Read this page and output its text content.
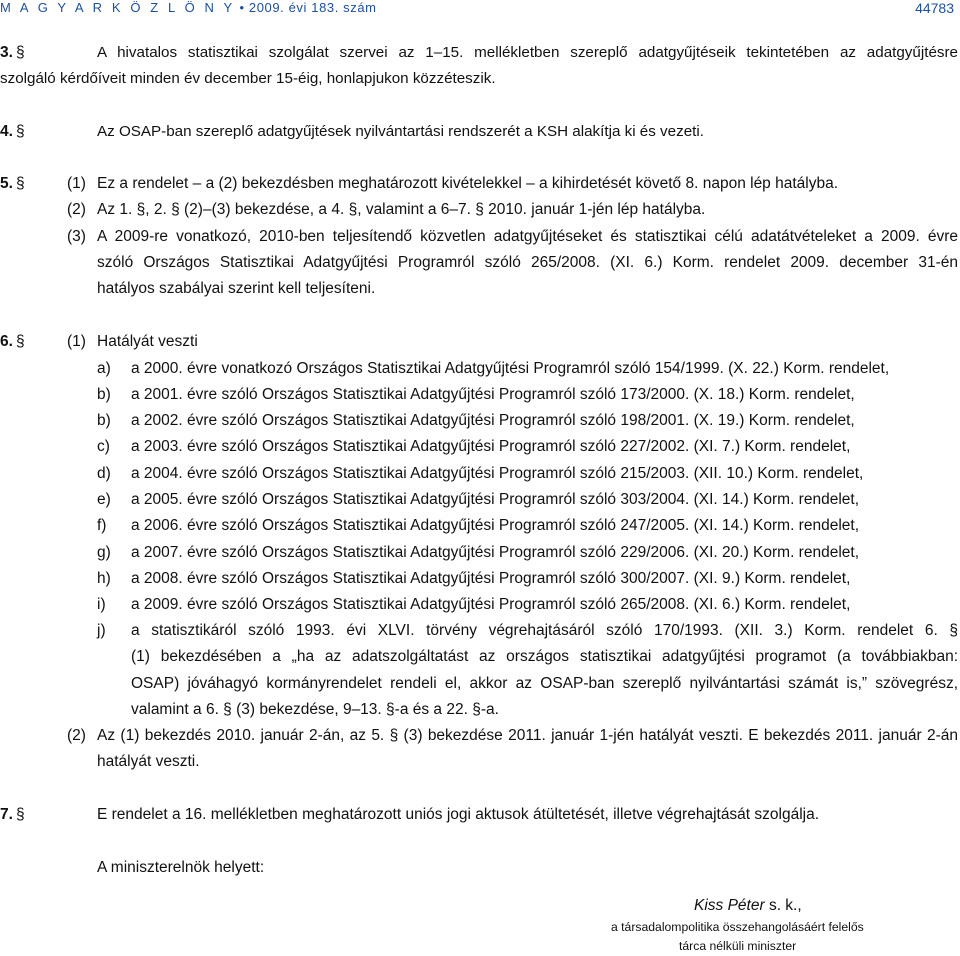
M A G Y A R K Ö Z L Ö N Y • 2009. évi 183. szám	44783
3. §	A hivatalos statisztikai szolgálat szervei az 1–15. mellékletben szereplő adatgyűjtéseik tekintetében az adatgyűjtésre
szolgáló kérdőíveit minden év december 15-éig, honlapjukon közzéteszik.
4. §	Az OSAP-ban szereplő adatgyűjtések nyilvántartási rendszerét a KSH alakítja ki és vezeti.
5. §	(1) Ez a rendelet – a (2) bekezdésben meghatározott kivételekkel – a kihirdetését követő 8. napon lép hatályba.
(2) Az 1. §, 2. § (2)–(3) bekezdése, a 4. §, valamint a 6–7. § 2010. január 1-jén lép hatályba.
(3) A 2009-re vonatkozó, 2010-ben teljesítendő közvetlen adatgyűjtéseket és statisztikai célú adatátvételeket a 2009. évre
szóló Országos Statisztikai Adatgyűjtési Programról szóló 265/2008. (XI. 6.) Korm. rendelet 2009. december 31-én
hatályos szabályai szerint kell teljesíteni.
6. §	(1) Hatályát veszti
a) a 2000. évre vonatkozó Országos Statisztikai Adatgyűjtési Programról szóló 154/1999. (X. 22.) Korm. rendelet,
b) a 2001. évre szóló Országos Statisztikai Adatgyűjtési Programról szóló 173/2000. (X. 18.) Korm. rendelet,
b) a 2002. évre szóló Országos Statisztikai Adatgyűjtési Programról szóló 198/2001. (X. 19.) Korm. rendelet,
c) a 2003. évre szóló Országos Statisztikai Adatgyűjtési Programról szóló 227/2002. (XI. 7.) Korm. rendelet,
d) a 2004. évre szóló Országos Statisztikai Adatgyűjtési Programról szóló 215/2003. (XII. 10.) Korm. rendelet,
e) a 2005. évre szóló Országos Statisztikai Adatgyűjtési Programról szóló 303/2004. (XI. 14.) Korm. rendelet,
f) a 2006. évre szóló Országos Statisztikai Adatgyűjtési Programról szóló 247/2005. (XI. 14.) Korm. rendelet,
g) a 2007. évre szóló Országos Statisztikai Adatgyűjtési Programról szóló 229/2006. (XI. 20.) Korm. rendelet,
h) a 2008. évre szóló Országos Statisztikai Adatgyűjtési Programról szóló 300/2007. (XI. 9.) Korm. rendelet,
i) a 2009. évre szóló Országos Statisztikai Adatgyűjtési Programról szóló 265/2008. (XI. 6.) Korm. rendelet,
j) a statisztikáról szóló 1993. évi XLVI. törvény végrehajtásáról szóló 170/1993. (XII. 3.) Korm. rendelet 6. §
(1) bekezdésében a „ha az adatszolgáltatást az országos statisztikai adatgyűjtési programot (a továbbiakban:
OSAP) jóváhagyó kormányrendelet rendeli el, akkor az OSAP-ban szereplő nyilvántartási számát is,” szövegrész,
valamint a 6. § (3) bekezdése, 9–13. §-a és a 22. §-a.
(2) Az (1) bekezdés 2010. január 2-án, az 5. § (3) bekezdése 2011. január 1-jén hatályát veszti. E bekezdés 2011. január 2-án
hatályát veszti.
7. §	E rendelet a 16. mellékletben meghatározott uniós jogi aktusok átültetését, illetve végrehajtását szolgálja.
A miniszterelnök helyett:
Kiss Péter s. k.,
a társadalompolitika összehangolásáért felelős
tárca nélküli miniszter
